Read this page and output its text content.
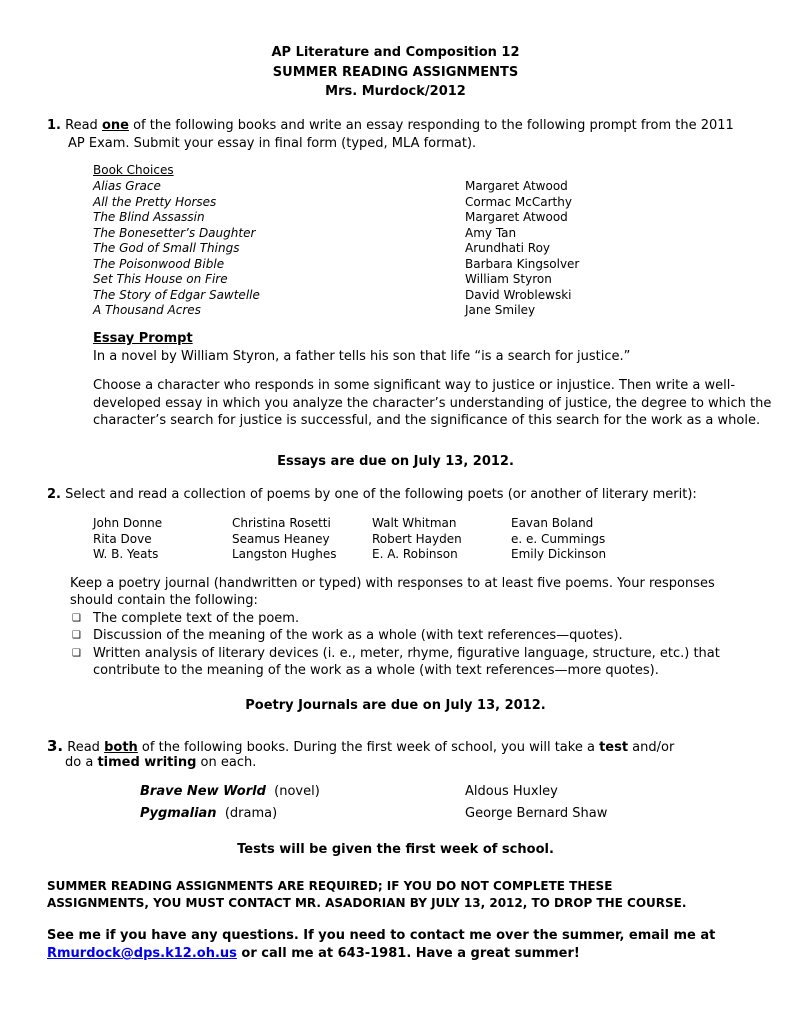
AP Literature and Composition 12
SUMMER READING ASSIGNMENTS
Mrs. Murdock/2012
1. Read one of the following books and write an essay responding to the following prompt from the 2011
AP Exam. Submit your essay in final form (typed, MLA format).
Book Choices
Alias Grace	Margaret Atwood
All the Pretty Horses	Cormac McCarthy
The Blind Assassin	Margaret Atwood
The Bonesetter’s Daughter	Amy Tan
The God of Small Things	Arundhati Roy
The Poisonwood Bible	Barbara Kingsolver
Set This House on Fire	William Styron
The Story of Edgar Sawtelle	David Wroblewski
A Thousand Acres	Jane Smiley
Essay Prompt
In a novel by William Styron, a father tells his son that life “is a search for justice.”
Choose a character who responds in some significant way to justice or injustice. Then write a well-
developed essay in which you analyze the character’s understanding of justice, the degree to which the
character’s search for justice is successful, and the significance of this search for the work as a whole.
Essays are due on July 13, 2012.
2. Select and read a collection of poems by one of the following poets (or another of literary merit):
John Donne	Christina Rosetti	Walt Whitman	Eavan Boland
Rita Dove	Seamus Heaney	Robert Hayden	e. e. Cummings
W. B. Yeats	Langston Hughes	E. A. Robinson	Emily Dickinson
Keep a poetry journal (handwritten or typed) with responses to at least five poems. Your responses
should contain the following:
❑ The complete text of the poem.
❑ Discussion of the meaning of the work as a whole (with text references—quotes).
❑ Written analysis of literary devices (i. e., meter, rhyme, figurative language, structure, etc.) that
contribute to the meaning of the work as a whole (with text references—more quotes).
Poetry Journals are due on July 13, 2012.
3. Read both of the following books. During the first week of school, you will take a test and/or
do a timed writing on each.
Brave New World (novel)	Aldous Huxley
Pygmalian (drama)	George Bernard Shaw
Tests will be given the first week of school.
SUMMER READING ASSIGNMENTS ARE REQUIRED; IF YOU DO NOT COMPLETE THESE
ASSIGNMENTS, YOU MUST CONTACT MR. ASADORIAN BY JULY 13, 2012, TO DROP THE COURSE.
See me if you have any questions. If you need to contact me over the summer, email me at
Rmurdock@dps.k12.oh.us or call me at 643-1981. Have a great summer!
